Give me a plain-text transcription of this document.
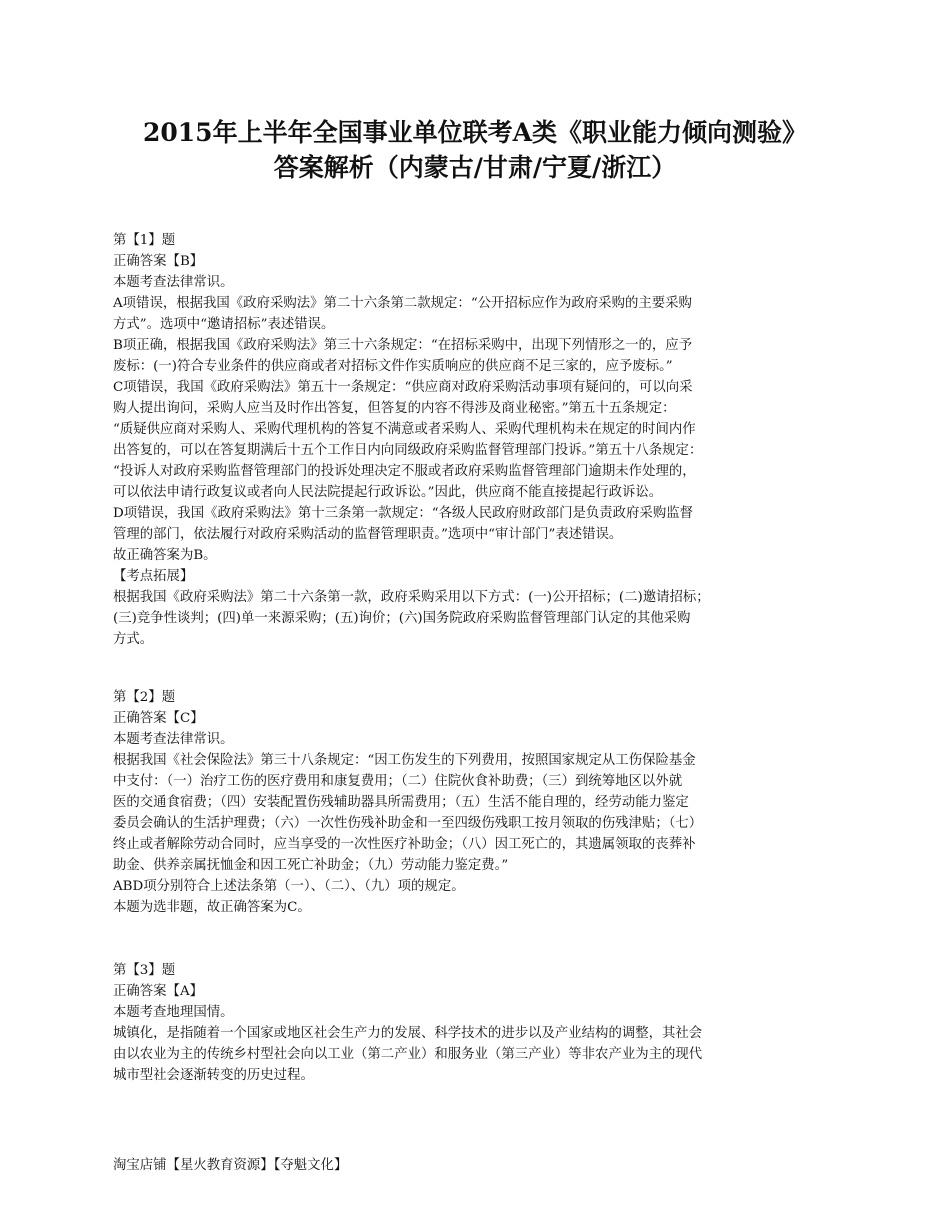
2015年上半年全国事业单位联考A类《职业能力倾向测验》
答案解析（内蒙古/甘肃/宁夏/浙江）
第【1】题
正确答案【B】
本题考查法律常识。
A项错误，根据我国《政府采购法》第二十六条第二款规定：“公开招标应作为政府采购的主要采购
方式”。选项中“邀请招标”表述错误。
B项正确，根据我国《政府采购法》第三十六条规定：“在招标采购中，出现下列情形之一的，应予
废标：(一)符合专业条件的供应商或者对招标文件作实质响应的供应商不足三家的，应予废标。”
C项错误，我国《政府采购法》第五十一条规定：“供应商对政府采购活动事项有疑问的，可以向采
购人提出询问，采购人应当及时作出答复，但答复的内容不得涉及商业秘密。”第五十五条规定：
“质疑供应商对采购人、采购代理机构的答复不满意或者采购人、采购代理机构未在规定的时间内作
出答复的，可以在答复期满后十五个工作日内向同级政府采购监督管理部门投诉。”第五十八条规定：
“投诉人对政府采购监督管理部门的投诉处理决定不服或者政府采购监督管理部门逾期未作处理的，
可以依法申请行政复议或者向人民法院提起行政诉讼。”因此，供应商不能直接提起行政诉讼。
D项错误，我国《政府采购法》第十三条第一款规定：“各级人民政府财政部门是负责政府采购监督
管理的部门，依法履行对政府采购活动的监督管理职责。”选项中“审计部门”表述错误。
故正确答案为B。
【考点拓展】
根据我国《政府采购法》第二十六条第一款，政府采购采用以下方式：(一)公开招标；(二)邀请招标；
(三)竞争性谈判；(四)单一来源采购；(五)询价；(六)国务院政府采购监督管理部门认定的其他采购
方式。
第【2】题
正确答案【C】
本题考查法律常识。
根据我国《社会保险法》第三十八条规定：“因工伤发生的下列费用，按照国家规定从工伤保险基金
中支付：（一）治疗工伤的医疗费用和康复费用；（二）住院伙食补助费；（三）到统筹地区以外就
医的交通食宿费；（四）安装配置伤残辅助器具所需费用；（五）生活不能自理的，经劳动能力鉴定
委员会确认的生活护理费；（六）一次性伤残补助金和一至四级伤残职工按月领取的伤残津贴；（七）
终止或者解除劳动合同时，应当享受的一次性医疗补助金；（八）因工死亡的，其遗属领取的丧葬补
助金、供养亲属抚恤金和因工死亡补助金；（九）劳动能力鉴定费。”
ABD项分别符合上述法条第（一）、（二）、（九）项的规定。
本题为选非题，故正确答案为C。
第【3】题
正确答案【A】
本题考查地理国情。
城镇化，是指随着一个国家或地区社会生产力的发展、科学技术的进步以及产业结构的调整，其社会
由以农业为主的传统乡村型社会向以工业（第二产业）和服务业（第三产业）等非农产业为主的现代
城市型社会逐渐转变的历史过程。
淘宝店铺【星火教育资源】【夺魁文化】
